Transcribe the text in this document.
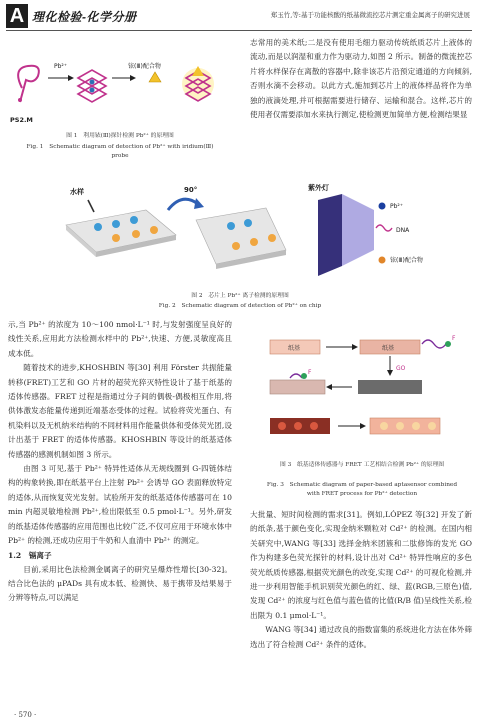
A 理化检验-化学分册	郑玉竹,等:基于功能核酸的纸基微流控芯片测定重金属离子的研究进展
Pb²⁺	铱(Ⅲ)配合物
PS2.M
图 1　利用铱(Ⅲ)探针检测 Pb²⁺ 的原理图
Fig. 1　Schematic diagram of detection of Pb²⁺ with iridium(Ⅲ) probe

志常用的美术纸;二是没有使用毛细力驱动传统纸质芯片上液体的流动,而是以润湿和重力作为驱动力,如图 2 所示。制备的微流控芯片将水样保存在离散的容器中,除非该芯片沿预定通道的方向倾斜,否则水滴不会移动。以此方式,施加到芯片上的液体样品将作为单独的液滴处理,并可根据需要进行储存、运输和混合。这样,芯片的使用者仅需要添加水来执行测定,使检测更加简单方便,检测结果显

水样	90°	紫外灯
Pb²⁺
DNA
铱(Ⅲ)配合物
图 2　芯片上 Pb²⁺ 离子检测的原理图
Fig. 2　Schematic diagram of detection of Pb²⁺ on chip

示,当 Pb²⁺ 的浓度为 10～100 nmol·L⁻¹ 时,与发射强度呈良好的线性关系,应用此方法检测水样中的 Pb²⁺,快速、方便,灵敏度高且成本低。

随着技术的进步,KHOSHBIN 等[30] 利用 Förster 共振能量转移(FRET)工艺和 GO 片材的超荧光猝灭特性设计了基于纸基的适体传感器。FRET 过程是指通过分子间的偶极-偶极相互作用,将供体激发态能量传递到近端基态受体的过程。试验将荧光蛋白、有机染料以及无机纳米结构的不同材料用作能量供体和受体荧光团,设计出基于 FRET 的适体传感器。KHOSHBIN 等设计的纸基适体传感器的感测机制如图 3 所示。

由图 3 可见,基于 Pb²⁺ 特异性适体从无规线圈到 G-四链体结构的构象转换,即在纸基平台上注射 Pb²⁺ 会诱导 GO 表面释放特定的适体,从而恢复荧光发射。试验所开发的纸基适体传感器可在 10 min 内超灵敏地检测 Pb²⁺,检出限低至 0.5 pmol·L⁻¹。另外,研发的纸基适体传感器的应用范围也比较广泛,不仅可应用于环境水体中 Pb²⁺ 的检测,还成功应用于牛奶和人血清中 Pb²⁺ 的测定。

1.2　镉离子

目前,采用比色法检测金属离子的研究呈爆炸性增长[30-32]。结合比色法的 μPADs 具有成本低、检测快、易于携带及结果易于分辨等特点,可以满足

纸基	纸基
F
GO
F
图 3　纸基适体传感器与 FRET 工艺相结合检测 Pb²⁺ 的原理图
Fig. 3　Schematic diagram of paper-based aptasensor combined with FRET process for Pb²⁺ detection

大批量、短时间检测的需求[31]。例如,LÓPEZ 等[32] 开发了新的纸条,基于颜色变化,实现金纳米颗粒对 Cd²⁺ 的检测。在国内相关研究中,WANG 等[33] 选择金纳米团簇和二肽修饰的发光 GO 作为构建多色荧光探针的材料,设计出对 Cd²⁺ 特异性响应的多色荧光纸质传感器,根据荧光颜色的改变,实现 Cd²⁺ 的可视化检测,并进一步利用智能手机识别荧光颜色的红、绿、蓝(RGB,三原色)值,发现 Cd²⁺ 的浓度与红色值与蓝色值的比值(R/B 值)呈线性关系,检出限为 0.1 μmol·L⁻¹。

WANG 等[34] 通过改良的指数富集的系统进化方法在体外筛选出了符合检测 Cd²⁺ 条件的适体。

· 570 ·
